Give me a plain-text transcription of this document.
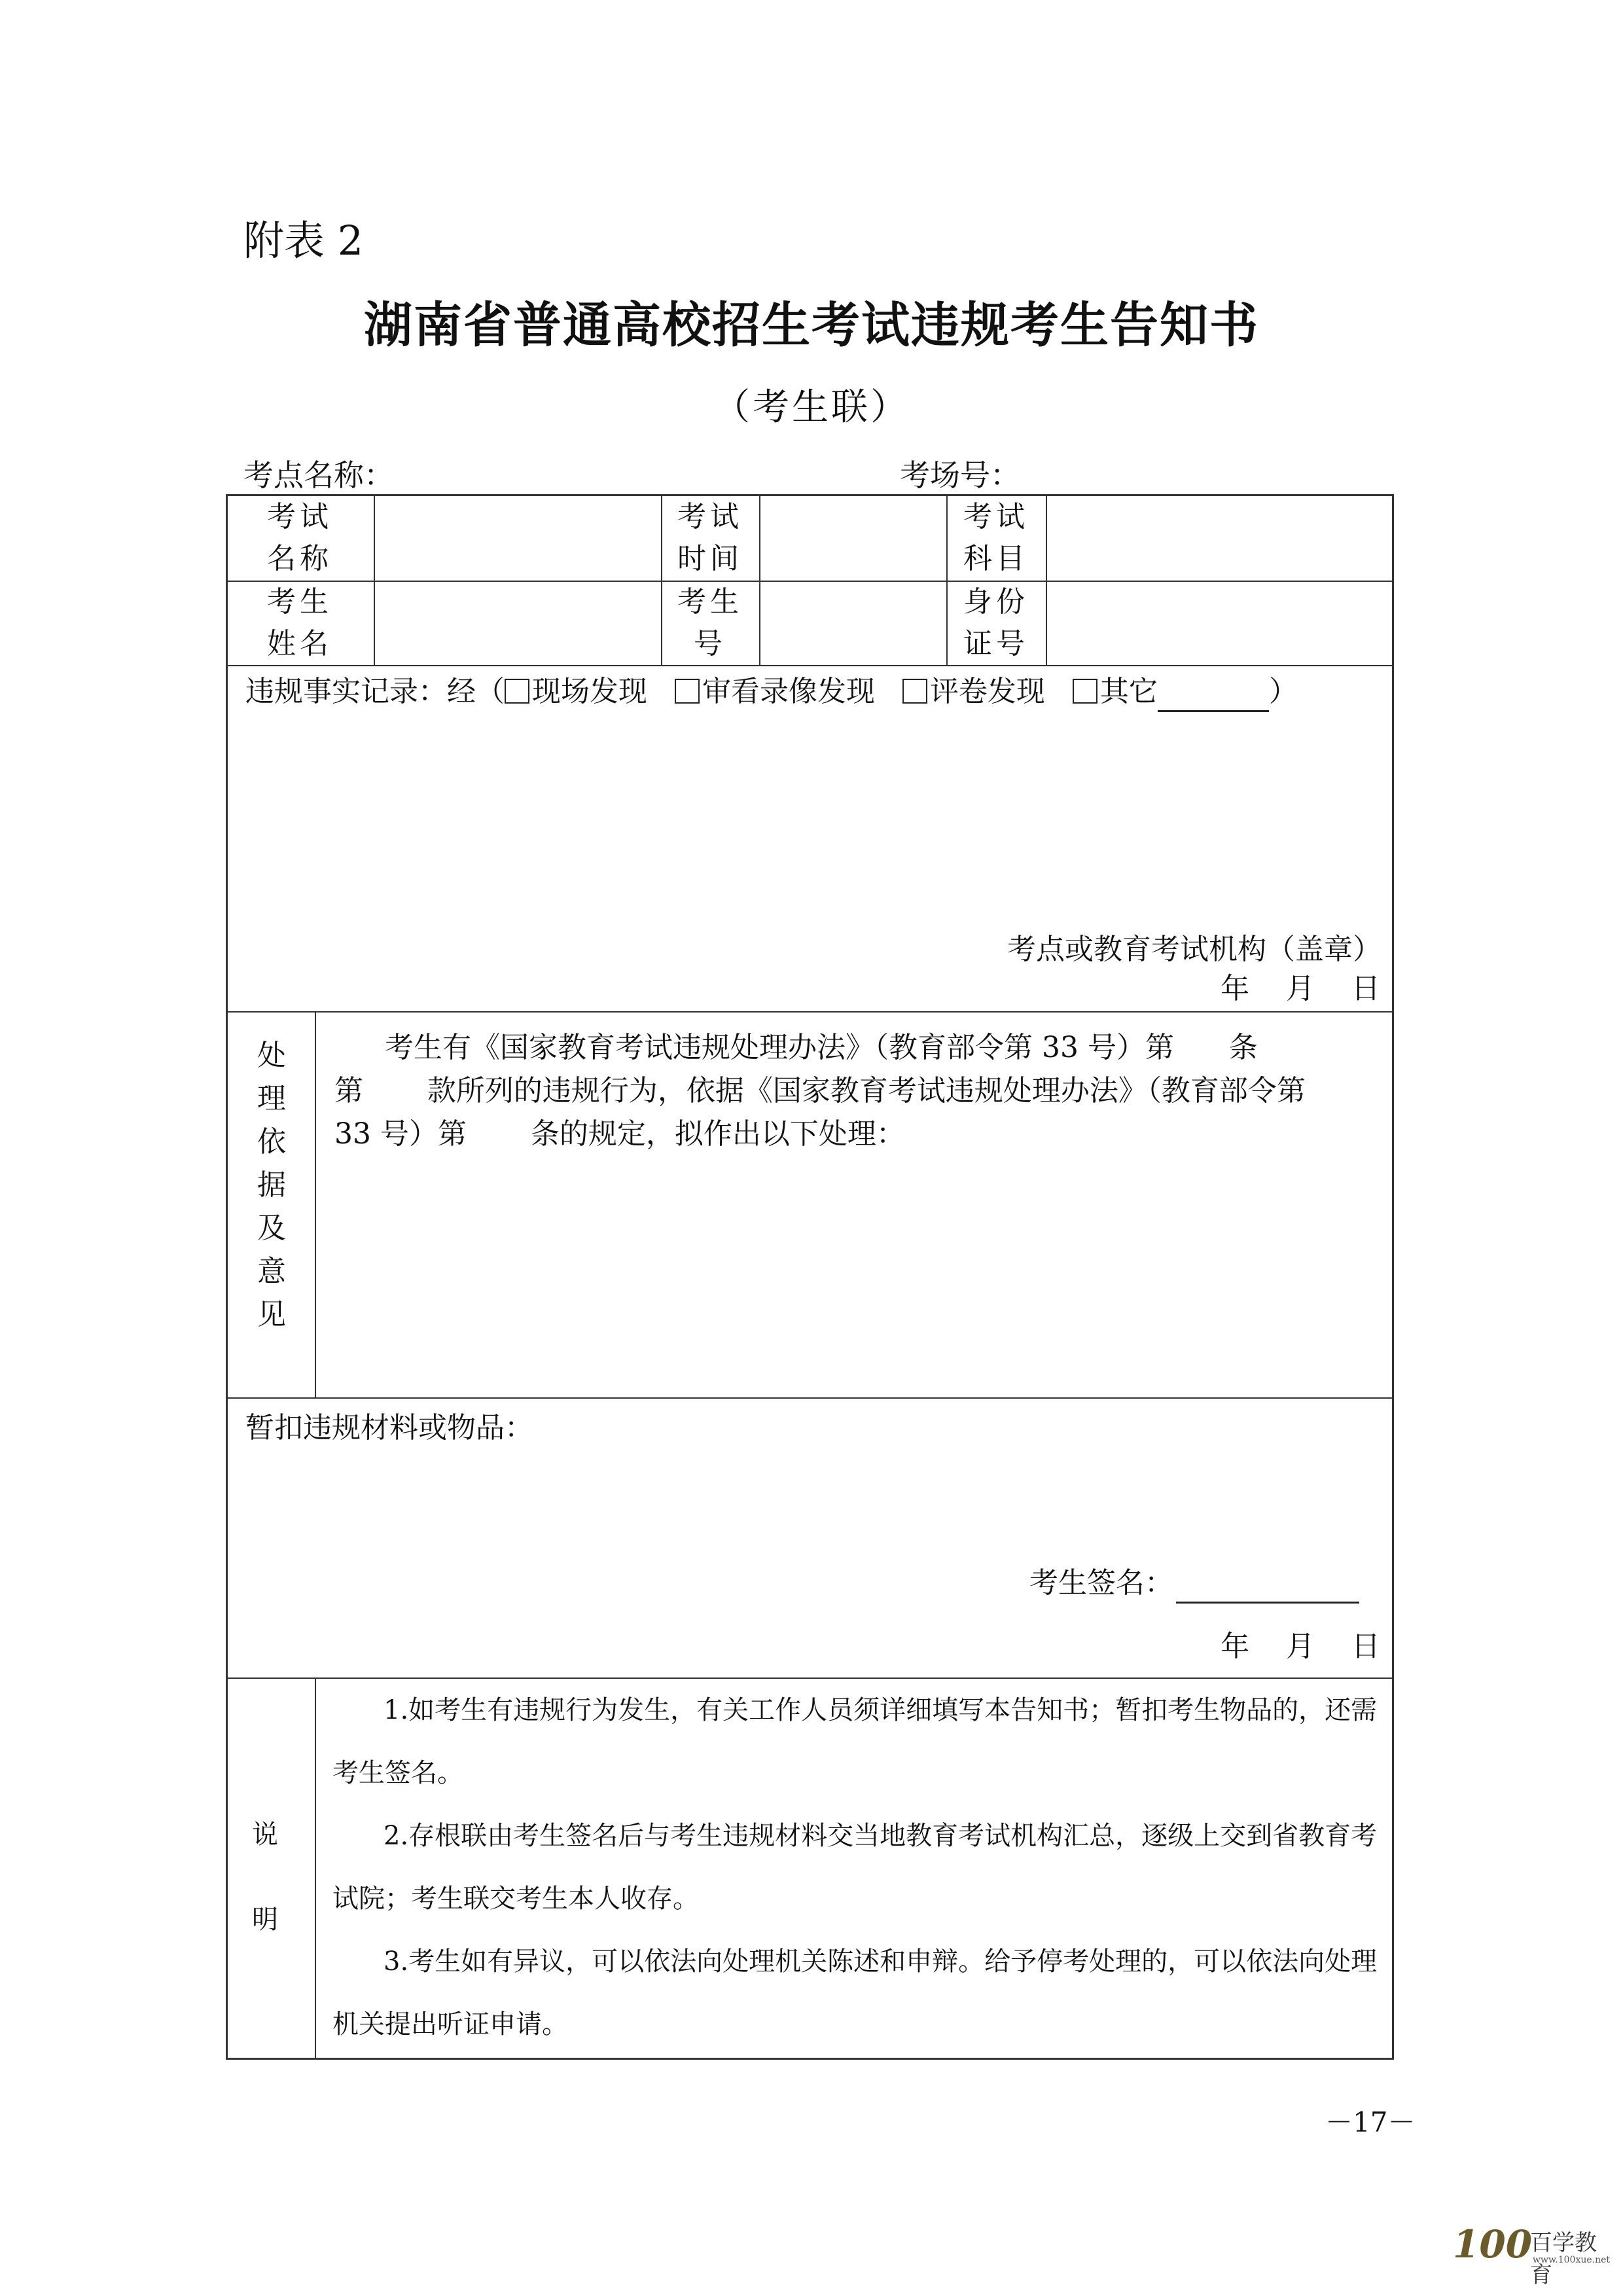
附表 2
湖南省普通高校招生考试违规考生告知书
（考生联）
考点名称：	考场号：
考试名称
考试时间
考试科目
考生姓名
考生号
身份证号
违规事实记录：经（ 现场发现 审看录像发现 评卷发现 其它	）
考点或教育考试机构（盖章）
年    月    日
处理依据及意见
考生有《国家教育考试违规处理办法》（教育部令第 33 号）第      条
第       款所列的违规行为，依据《国家教育考试违规处理办法》（教育部令第
33 号）第       条的规定，拟作出以下处理：
暂扣违规材料或物品：
考生签名：
年    月    日
说
明
1.如考生有违规行为发生，有关工作人员须详细填写本告知书；暂扣考生物品的，还需
考生签名。
2.存根联由考生签名后与考生违规材料交当地教育考试机构汇总，逐级上交到省教育考
试院；考生联交考生本人收存。
3.考生如有异议，可以依法向处理机关陈述和申辩。给予停考处理的，可以依法向处理
机关提出听证申请。
－17－
100
百学教育
www.100xue.net
